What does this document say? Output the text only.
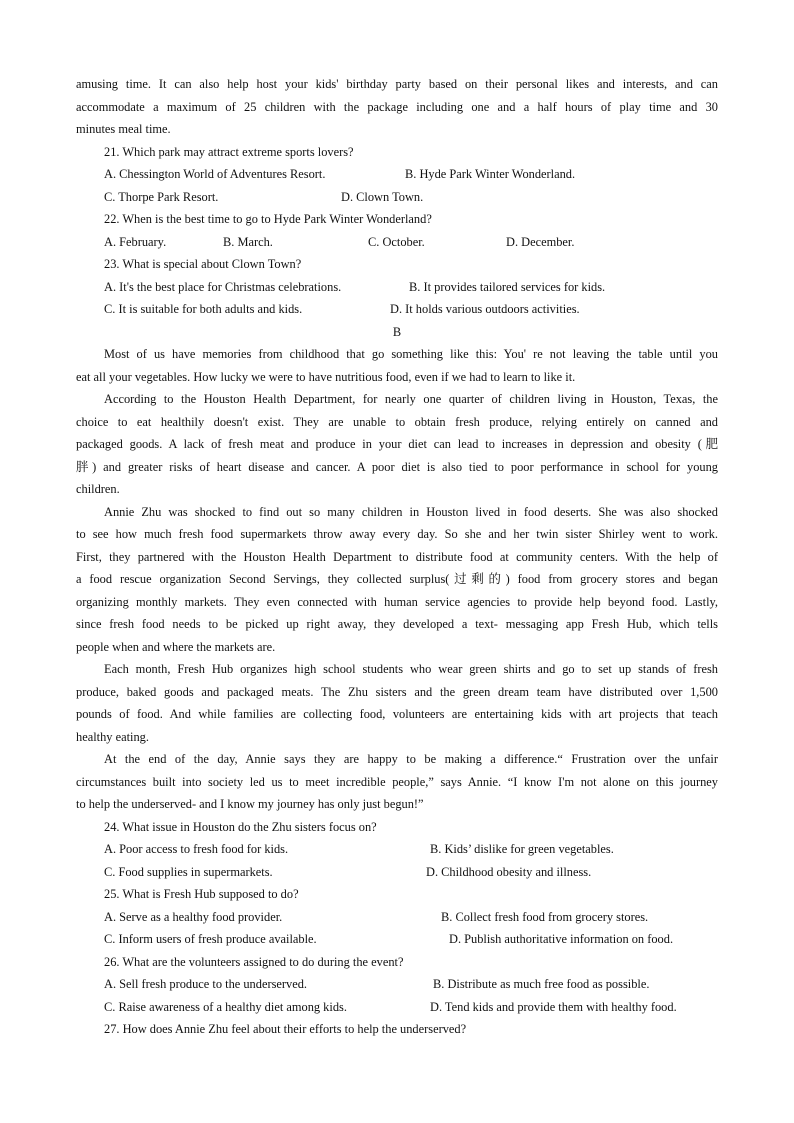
amusing time. It can also help host your kids' birthday party based on their personal likes and interests, and can
accommodate a maximum of 25 children with the package including one and a half hours of play time and 30
minutes meal time.
21. Which park may attract extreme sports lovers?
A. Chessington World of Adventures Resort.	B. Hyde Park Winter Wonderland.
C. Thorpe Park Resort.	D. Clown Town.
22. When is the best time to go to Hyde Park Winter Wonderland?
A. February.	B. March.	C. October.	D. December.
23. What is special about Clown Town?
A. It's the best place for Christmas celebrations.	B. It provides tailored services for kids.
C. It is suitable for both adults and kids.	D. It holds various outdoors activities.
B
Most of us have memories from childhood that go something like this: You' re not leaving the table until you
eat all your vegetables. How lucky we were to have nutritious food, even if we had to learn to like it.
According to the Houston Health Department, for nearly one quarter of children living in Houston, Texas, the
choice to eat healthily doesn't exist. They are unable to obtain fresh produce, relying entirely on canned and
packaged goods. A lack of fresh meat and produce in your diet can lead to increases in depression and obesity (肥
胖) and greater risks of heart disease and cancer. A poor diet is also tied to poor performance in school for young
children.
Annie Zhu was shocked to find out so many children in Houston lived in food deserts. She was also shocked
to see how much fresh food supermarkets throw away every day. So she and her twin sister Shirley went to work.
First, they partnered with the Houston Health Department to distribute food at community centers. With the help of
a food rescue organization Second Servings, they collected surplus(过剩的) food from grocery stores and began
organizing monthly markets. They even connected with human service agencies to provide help beyond food. Lastly,
since fresh food needs to be picked up right away, they developed a text- messaging app Fresh Hub, which tells
people when and where the markets are.
Each month, Fresh Hub organizes high school students who wear green shirts and go to set up stands of fresh
produce, baked goods and packaged meats. The Zhu sisters and the green dream team have distributed over 1,500
pounds of food. And while families are collecting food, volunteers are entertaining kids with art projects that teach
healthy eating.
At the end of the day, Annie says they are happy to be making a difference.“ Frustration over the unfair
circumstances built into society led us to meet incredible people,” says Annie. “I know I'm not alone on this journey
to help the underserved- and I know my journey has only just begun!”
24. What issue in Houston do the Zhu sisters focus on?
A. Poor access to fresh food for kids.	B. Kids’ dislike for green vegetables.
C. Food supplies in supermarkets.	D. Childhood obesity and illness.
25. What is Fresh Hub supposed to do?
A. Serve as a healthy food provider.	B. Collect fresh food from grocery stores.
C. Inform users of fresh produce available.	D. Publish authoritative information on food.
26. What are the volunteers assigned to do during the event?
A. Sell fresh produce to the underserved.	B. Distribute as much free food as possible.
C. Raise awareness of a healthy diet among kids.	D. Tend kids and provide them with healthy food.
27. How does Annie Zhu feel about their efforts to help the underserved?
